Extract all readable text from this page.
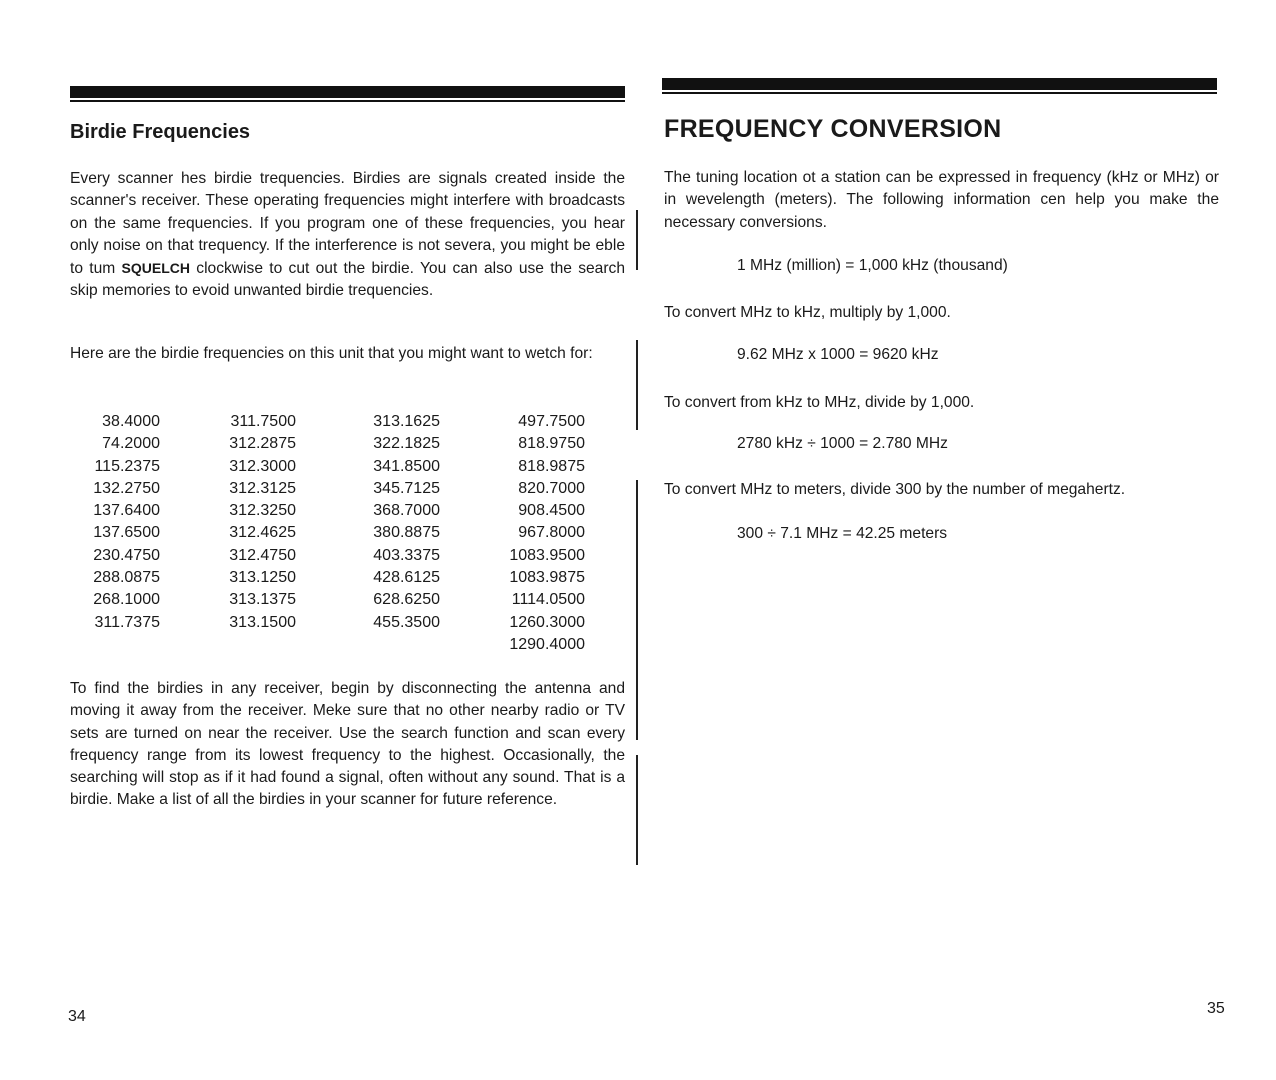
Birdie Frequencies

Every scanner hes birdie trequencies. Birdies are signals created inside the scanner's receiver. These operating frequencies might interfere with broadcasts on the same frequencies. If you program one of these frequencies, you hear only noise on that trequency. If the interference is not severa, you might be eble to tum SQUELCH clockwise to cut out the birdie. You can also use the search skip memories to evoid unwanted birdie trequencies.

Here are the birdie frequencies on this unit that you might want to wetch for:

38.4000
74.2000
115.2375
132.2750
137.6400
137.6500
230.4750
288.0875
268.1000
311.7375
311.7500
312.2875
312.3000
312.3125
312.3250
312.4625
312.4750
313.1250
313.1375
313.1500
313.1625
322.1825
341.8500
345.7125
368.7000
380.8875
403.3375
428.6125
628.6250
455.3500
497.7500
818.9750
818.9875
820.7000
908.4500
967.8000
1083.9500
1083.9875
1114.0500
1260.3000
1290.4000

To find the birdies in any receiver, begin by disconnecting the antenna and moving it away from the receiver. Meke sure that no other nearby radio or TV sets are turned on near the receiver. Use the search function and scan every frequency range from its lowest frequency to the highest. Occasionally, the searching will stop as if it had found a signal, often without any sound. That is a birdie. Make a list of all the birdies in your scanner for future reference.

34

FREQUENCY CONVERSION

The tuning location ot a station can be expressed in frequency (kHz or MHz) or in wevelength (meters). The following information cen help you make the necessary conversions.

1 MHz (million) = 1,000 kHz (thousand)

To convert MHz to kHz, multiply by 1,000.

9.62 MHz x 1000 = 9620 kHz

To convert from kHz to MHz, divide by 1,000.

2780 kHz ÷ 1000 = 2.780 MHz

To convert MHz to meters, divide 300 by the number of megahertz.

300 ÷ 7.1 MHz = 42.25 meters

35
